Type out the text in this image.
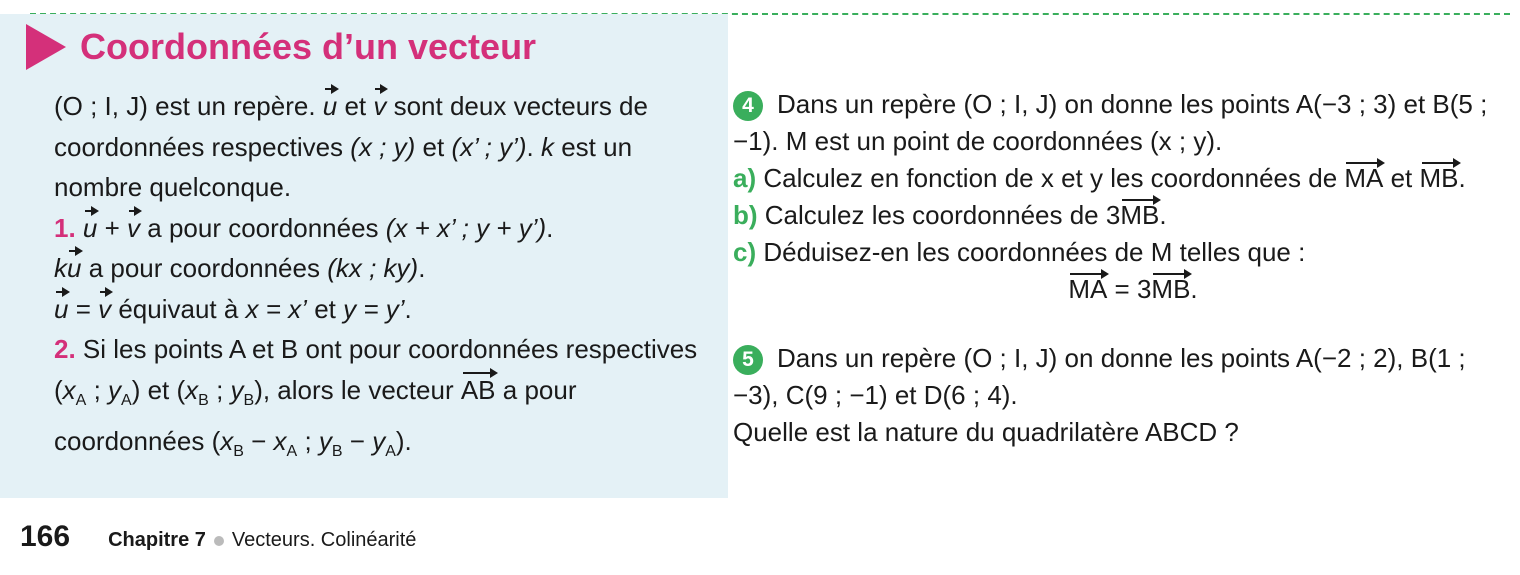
Coordonnées d’un vecteur

(O ; I, J) est un repère. u et v sont deux vecteurs de coordonnées respectives (x ; y) et (x’ ; y’). k est un nombre quelconque.

1. u + v a pour coordonnées (x + x’ ; y + y’).

ku a pour coordonnées (kx ; ky).

u = v équivaut à x = x’ et y = y’.

2. Si les points A et B ont pour coordonnées respectives ($x_A$ ; $y_A$) et ($x_B$ ; $y_B$), alors le vecteur AB a pour coordonnées ($x_B - x_A$ ; $y_B - y_A$).

4 Dans un repère (O ; I, J) on donne les points A(−3 ; 3) et B(5 ; −1). M est un point de coordonnées (x ; y).

a) Calculez en fonction de x et y les coordonnées de MA et MB.

b) Calculez les coordonnées de 3MB.

c) Déduisez-en les coordonnées de M telles que :

MA = 3MB.

5 Dans un repère (O ; I, J) on donne les points A(−2 ; 2), B(1 ; −3), C(9 ; −1) et D(6 ; 4).

Quelle est la nature du quadrilatère ABCD ?

166 Chapitre 7 Vecteurs. Colinéarité
